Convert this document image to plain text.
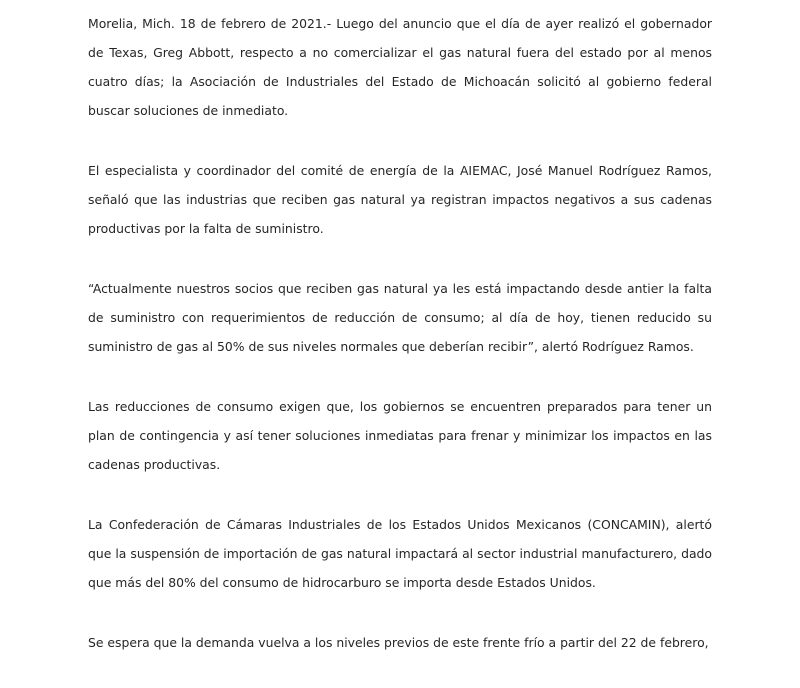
Morelia, Mich. 18 de febrero de 2021.- Luego del anuncio que el día de ayer realizó el gobernador de Texas, Greg Abbott, respecto a no comercializar el gas natural fuera del estado por al menos cuatro días; la Asociación de Industriales del Estado de Michoacán solicitó al gobierno federal buscar soluciones de inmediato.

El especialista y coordinador del comité de energía de la AIEMAC, José Manuel Rodríguez Ramos, señaló que las industrias que reciben gas natural ya registran impactos negativos a sus cadenas productivas por la falta de suministro.

“Actualmente nuestros socios que reciben gas natural ya les está impactando desde antier la falta de suministro con requerimientos de reducción de consumo; al día de hoy, tienen reducido su suministro de gas al 50% de sus niveles normales que deberían recibir”, alertó Rodríguez Ramos.

Las reducciones de consumo exigen que, los gobiernos se encuentren preparados para tener un plan de contingencia y así tener soluciones inmediatas para frenar y minimizar los impactos en las cadenas productivas.

La Confederación de Cámaras Industriales de los Estados Unidos Mexicanos (CONCAMIN), alertó que la suspensión de importación de gas natural impactará al sector industrial manufacturero, dado que más del 80% del consumo de hidrocarburo se importa desde Estados Unidos.

Se espera que la demanda vuelva a los niveles previos de este frente frío a partir del 22 de febrero,
